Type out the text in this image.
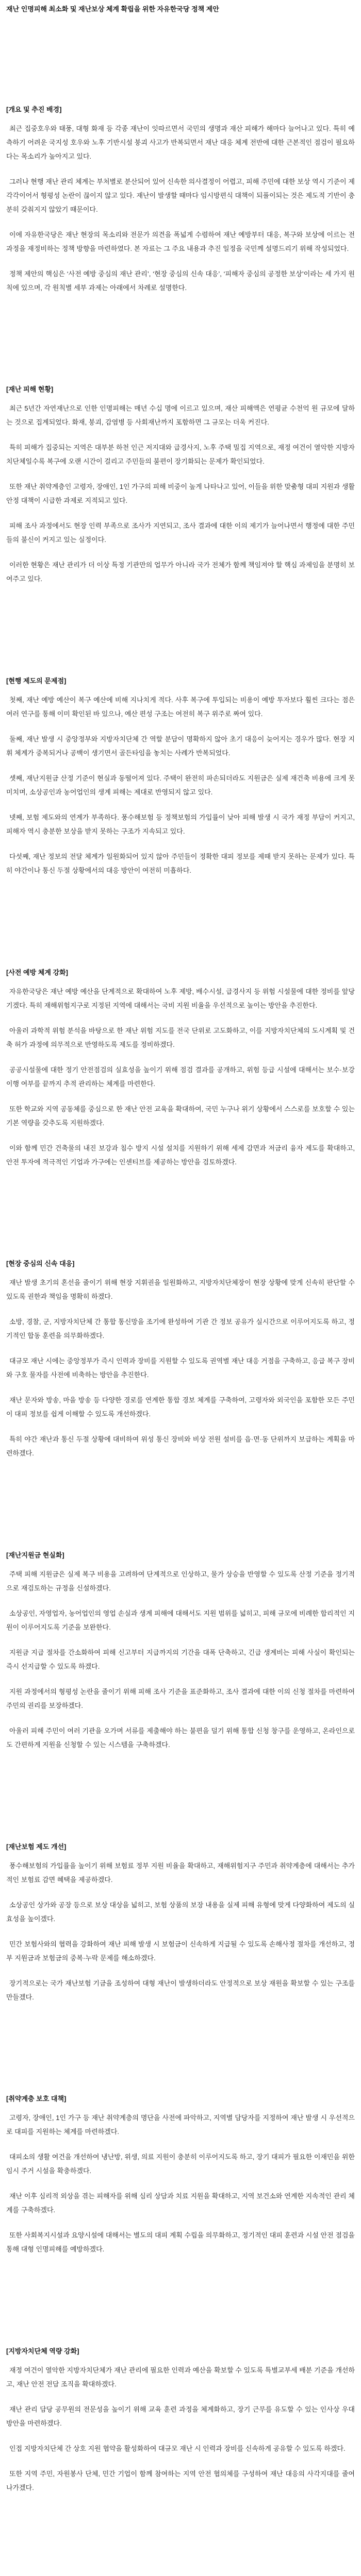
재난 인명피해 최소화 및 재난보상 체계 확립을 위한 자유한국당 정책 제안
[개요 및 추진 배경]

최근 집중호우와 태풍, 대형 화재 등 각종 재난이 잇따르면서 국민의 생명과 재산 피해가 해마다 늘어나고 있다. 특히 예측하기 어려운 국지성 호우와 노후 기반시설 붕괴 사고가 반복되면서 재난 대응 체계 전반에 대한 근본적인 점검이 필요하다는 목소리가 높아지고 있다.

그러나 현행 재난 관리 체계는 부처별로 분산되어 있어 신속한 의사결정이 어렵고, 피해 주민에 대한 보상 역시 기준이 제각각이어서 형평성 논란이 끊이지 않고 있다. 재난이 발생할 때마다 임시방편식 대책이 되풀이되는 것은 제도적 기반이 충분히 갖춰지지 않았기 때문이다.

이에 자유한국당은 재난 현장의 목소리와 전문가 의견을 폭넓게 수렴하여 재난 예방부터 대응, 복구와 보상에 이르는 전 과정을 재정비하는 정책 방향을 마련하였다. 본 자료는 그 주요 내용과 추진 일정을 국민께 설명드리기 위해 작성되었다.

정책 제안의 핵심은 ‘사전 예방 중심의 재난 관리’, ‘현장 중심의 신속 대응’, ‘피해자 중심의 공정한 보상’이라는 세 가지 원칙에 있으며, 각 원칙별 세부 과제는 아래에서 차례로 설명한다.

[재난 피해 현황]

최근 5년간 자연재난으로 인한 인명피해는 매년 수십 명에 이르고 있으며, 재산 피해액은 연평균 수천억 원 규모에 달하는 것으로 집계되었다. 화재, 붕괴, 감염병 등 사회재난까지 포함하면 그 규모는 더욱 커진다.

특히 피해가 집중되는 지역은 대부분 하천 인근 저지대와 급경사지, 노후 주택 밀집 지역으로, 재정 여건이 열악한 지방자치단체일수록 복구에 오랜 시간이 걸리고 주민들의 불편이 장기화되는 문제가 확인되었다.

또한 재난 취약계층인 고령자, 장애인, 1인 가구의 피해 비중이 높게 나타나고 있어, 이들을 위한 맞춤형 대피 지원과 생활 안정 대책이 시급한 과제로 지적되고 있다.

피해 조사 과정에서도 현장 인력 부족으로 조사가 지연되고, 조사 결과에 대한 이의 제기가 늘어나면서 행정에 대한 주민들의 불신이 커지고 있는 실정이다.

이러한 현황은 재난 관리가 더 이상 특정 기관만의 업무가 아니라 국가 전체가 함께 책임져야 할 핵심 과제임을 분명히 보여주고 있다.

[현행 제도의 문제점]

첫째, 재난 예방 예산이 복구 예산에 비해 지나치게 적다. 사후 복구에 투입되는 비용이 예방 투자보다 훨씬 크다는 점은 여러 연구를 통해 이미 확인된 바 있으나, 예산 편성 구조는 여전히 복구 위주로 짜여 있다.

둘째, 재난 발생 시 중앙정부와 지방자치단체 간 역할 분담이 명확하지 않아 초기 대응이 늦어지는 경우가 많다. 현장 지휘 체계가 중복되거나 공백이 생기면서 골든타임을 놓치는 사례가 반복되었다.

셋째, 재난지원금 산정 기준이 현실과 동떨어져 있다. 주택이 완전히 파손되더라도 지원금은 실제 재건축 비용에 크게 못 미치며, 소상공인과 농어업인의 생계 피해는 제대로 반영되지 않고 있다.

넷째, 보험 제도와의 연계가 부족하다. 풍수해보험 등 정책보험의 가입률이 낮아 피해 발생 시 국가 재정 부담이 커지고, 피해자 역시 충분한 보상을 받지 못하는 구조가 지속되고 있다.

다섯째, 재난 정보의 전달 체계가 일원화되어 있지 않아 주민들이 정확한 대피 정보를 제때 받지 못하는 문제가 있다. 특히 야간이나 통신 두절 상황에서의 대응 방안이 여전히 미흡하다.

[사전 예방 체계 강화]

자유한국당은 재난 예방 예산을 단계적으로 확대하여 노후 제방, 배수시설, 급경사지 등 위험 시설물에 대한 정비를 앞당기겠다. 특히 재해위험지구로 지정된 지역에 대해서는 국비 지원 비율을 우선적으로 높이는 방안을 추진한다.

아울러 과학적 위험 분석을 바탕으로 한 재난 위험 지도를 전국 단위로 고도화하고, 이를 지방자치단체의 도시계획 및 건축 허가 과정에 의무적으로 반영하도록 제도를 정비하겠다.

공공시설물에 대한 정기 안전점검의 실효성을 높이기 위해 점검 결과를 공개하고, 위험 등급 시설에 대해서는 보수·보강 이행 여부를 끝까지 추적 관리하는 체계를 마련한다.

또한 학교와 지역 공동체를 중심으로 한 재난 안전 교육을 확대하여, 국민 누구나 위기 상황에서 스스로를 보호할 수 있는 기본 역량을 갖추도록 지원하겠다.

이와 함께 민간 건축물의 내진 보강과 침수 방지 시설 설치를 지원하기 위해 세제 감면과 저금리 융자 제도를 확대하고, 안전 투자에 적극적인 기업과 가구에는 인센티브를 제공하는 방안을 검토하겠다.

[현장 중심의 신속 대응]

재난 발생 초기의 혼선을 줄이기 위해 현장 지휘권을 일원화하고, 지방자치단체장이 현장 상황에 맞게 신속히 판단할 수 있도록 권한과 책임을 명확히 하겠다.

소방, 경찰, 군, 지방자치단체 간 통합 통신망을 조기에 완성하여 기관 간 정보 공유가 실시간으로 이루어지도록 하고, 정기적인 합동 훈련을 의무화하겠다.

대규모 재난 시에는 중앙정부가 즉시 인력과 장비를 지원할 수 있도록 권역별 재난 대응 거점을 구축하고, 응급 복구 장비와 구호 물자를 사전에 비축하는 방안을 추진한다.

재난 문자와 방송, 마을 방송 등 다양한 경로를 연계한 통합 경보 체계를 구축하여, 고령자와 외국인을 포함한 모든 주민이 대피 정보를 쉽게 이해할 수 있도록 개선하겠다.

특히 야간 재난과 통신 두절 상황에 대비하여 위성 통신 장비와 비상 전원 설비를 읍·면·동 단위까지 보급하는 계획을 마련하겠다.

[재난지원금 현실화]

주택 피해 지원금은 실제 복구 비용을 고려하여 단계적으로 인상하고, 물가 상승을 반영할 수 있도록 산정 기준을 정기적으로 재검토하는 규정을 신설하겠다.

소상공인, 자영업자, 농어업인의 영업 손실과 생계 피해에 대해서도 지원 범위를 넓히고, 피해 규모에 비례한 합리적인 지원이 이루어지도록 기준을 보완한다.

지원금 지급 절차를 간소화하여 피해 신고부터 지급까지의 기간을 대폭 단축하고, 긴급 생계비는 피해 사실이 확인되는 즉시 선지급할 수 있도록 하겠다.

지원 과정에서의 형평성 논란을 줄이기 위해 피해 조사 기준을 표준화하고, 조사 결과에 대한 이의 신청 절차를 마련하여 주민의 권리를 보장하겠다.

아울러 피해 주민이 여러 기관을 오가며 서류를 제출해야 하는 불편을 덜기 위해 통합 신청 창구를 운영하고, 온라인으로도 간편하게 지원을 신청할 수 있는 시스템을 구축하겠다.

[재난보험 제도 개선]

풍수해보험의 가입률을 높이기 위해 보험료 정부 지원 비율을 확대하고, 재해위험지구 주민과 취약계층에 대해서는 추가적인 보험료 감면 혜택을 제공하겠다.

소상공인 상가와 공장 등으로 보상 대상을 넓히고, 보험 상품의 보장 내용을 실제 피해 유형에 맞게 다양화하여 제도의 실효성을 높이겠다.

민간 보험사와의 협력을 강화하여 재난 피해 발생 시 보험금이 신속하게 지급될 수 있도록 손해사정 절차를 개선하고, 정부 지원금과 보험금의 중복·누락 문제를 해소하겠다.

장기적으로는 국가 재난보험 기금을 조성하여 대형 재난이 발생하더라도 안정적으로 보상 재원을 확보할 수 있는 구조를 만들겠다.

[취약계층 보호 대책]

고령자, 장애인, 1인 가구 등 재난 취약계층의 명단을 사전에 파악하고, 지역별 담당자를 지정하여 재난 발생 시 우선적으로 대피를 지원하는 체계를 마련하겠다.

대피소의 생활 여건을 개선하여 냉난방, 위생, 의료 지원이 충분히 이루어지도록 하고, 장기 대피가 필요한 이재민을 위한 임시 주거 시설을 확충하겠다.

재난 이후 심리적 외상을 겪는 피해자를 위해 심리 상담과 치료 지원을 확대하고, 지역 보건소와 연계한 지속적인 관리 체계를 구축하겠다.

또한 사회복지시설과 요양시설에 대해서는 별도의 대피 계획 수립을 의무화하고, 정기적인 대피 훈련과 시설 안전 점검을 통해 대형 인명피해를 예방하겠다.

[지방자치단체 역량 강화]

재정 여건이 열악한 지방자치단체가 재난 관리에 필요한 인력과 예산을 확보할 수 있도록 특별교부세 배분 기준을 개선하고, 재난 안전 전담 조직을 확대하겠다.

재난 관리 담당 공무원의 전문성을 높이기 위해 교육 훈련 과정을 체계화하고, 장기 근무를 유도할 수 있는 인사상 우대 방안을 마련하겠다.

인접 지방자치단체 간 상호 지원 협약을 활성화하여 대규모 재난 시 인력과 장비를 신속하게 공유할 수 있도록 하겠다.

또한 지역 주민, 자원봉사 단체, 민간 기업이 함께 참여하는 지역 안전 협의체를 구성하여 재난 대응의 사각지대를 줄여 나가겠다.
